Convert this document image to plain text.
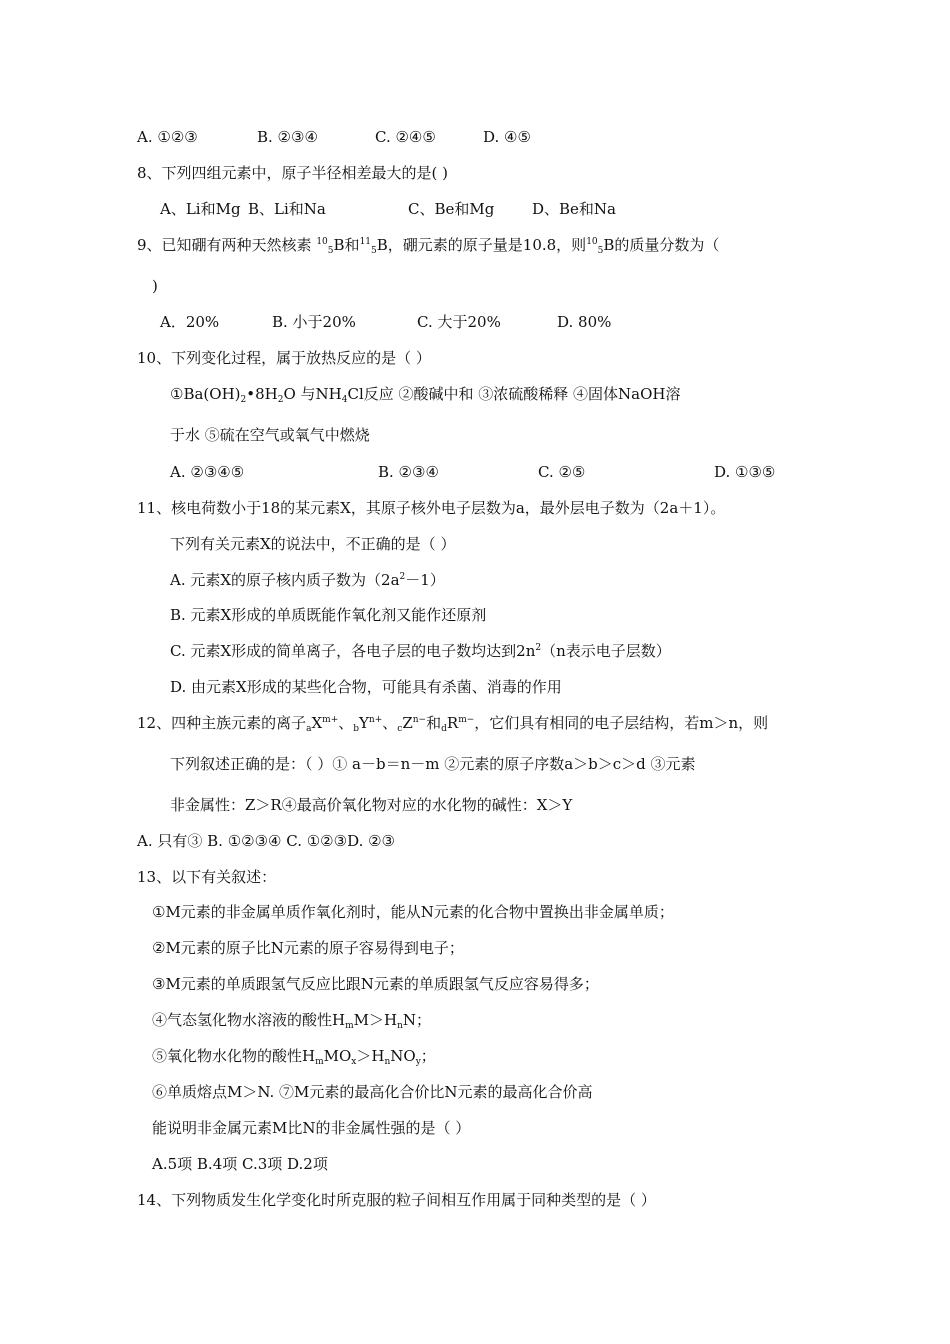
A. ①②③	B. ②③④	C. ②④⑤	D. ④⑤
8、下列四组元素中，原子半径相差最大的是( )
A、Li和Mg B、Li和Na	C、Be和Mg	D、Be和Na
9、已知硼有两种天然核素 $^{10}_5$B和$^{11}_5$B，硼元素的原子量是10.8，则$^{10}_5$B的质量分数为（
)
A．20%	B. 小于20%	C. 大于20%	D. 80%
10、下列变化过程，属于放热反应的是（ ）
$①Ba(OH)_2•8H_2O$ 与$NH_4Cl$反应 ②酸碱中和 ③浓硫酸稀释 ④固体NaOH溶
于水 ⑤硫在空气或氧气中燃烧
A. ②③④⑤	B. ②③④	C. ②⑤	D. ①③⑤
11、核电荷数小于18的某元素X，其原子核外电子层数为a，最外层电子数为（2a＋1）。
下列有关元素X的说法中，不正确的是（ ）
A. 元素X的原子核内质子数为$(2a^2-1)$
B. 元素X形成的单质既能作氧化剂又能作还原剂
C. 元素X形成的简单离子，各电子层的电子数均达到$2n^2(n$表示电子层数）
D. 由元素X形成的某些化合物，可能具有杀菌、消毒的作用
12、四种主族元素的离子$_aX^{m+}$、$_bY^{n+}$、$_cZ^{n-}$和$_dR^{m-}$，它们具有相同的电子层结构，若m＞n，则
下列叙述正确的是：（ ）① a－b＝n－m ②元素的原子序数a＞b＞c＞d ③元素
非金属性：Z＞R④最高价氧化物对应的水化物的碱性：X＞Y
A. 只有③ B. ①②③④ C. ①②③D. ②③
13、以下有关叙述：
①M元素的非金属单质作氧化剂时，能从N元素的化合物中置换出非金属单质；
②M元素的原子比N元素的原子容易得到电子；
③M元素的单质跟氢气反应比跟N元素的单质跟氢气反应容易得多；
④气态氢化物水溶液的酸性$H_mM>H_nN$；
⑤氧化物水化物的酸性$H_mMO_x>H_nNO_y$；
⑥单质熔点M＞N. ⑦M元素的最高化合价比N元素的最高化合价高
能说明非金属元素M比N的非金属性强的是（ ）
A.5项 B.4项 C.3项 D.2项
14、下列物质发生化学变化时所克服的粒子间相互作用属于同种类型的是（ ）
